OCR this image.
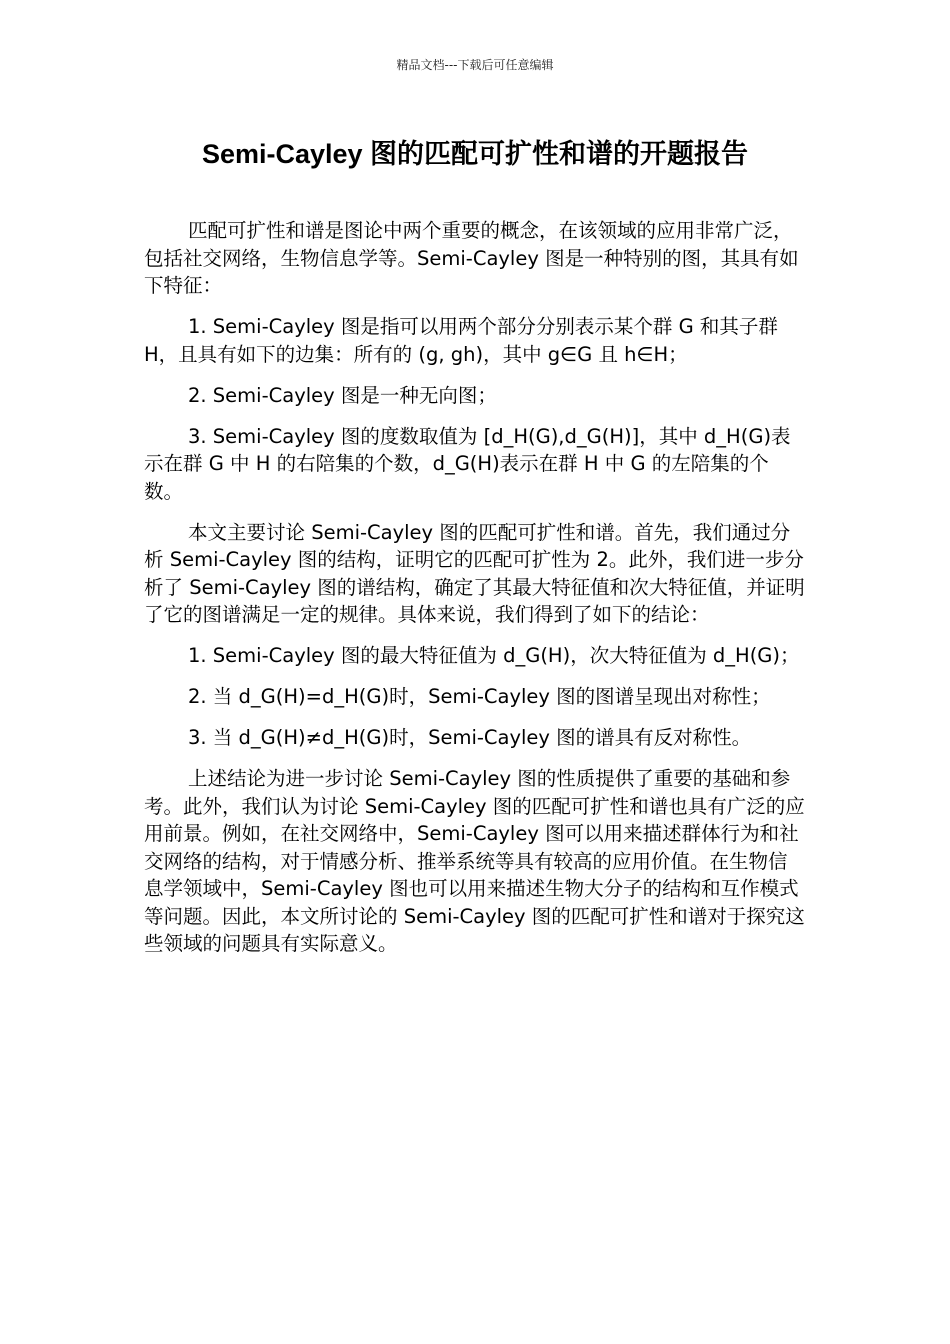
精品文档---下载后可任意编辑
Semi-Cayley 图的匹配可扩性和谱的开题报告

匹配可扩性和谱是图论中两个重要的概念，在该领域的应用非常广泛，包括社交网络，生物信息学等。Semi-Cayley 图是一种特别的图，其具有如下特征：

1. Semi-Cayley 图是指可以用两个部分分别表示某个群 G 和其子群 H，且具有如下的边集：所有的 (g, gh)，其中 g∈G 且 h∈H；

2. Semi-Cayley 图是一种无向图；

3. Semi-Cayley 图的度数取值为 [d_H(G),d_G(H)]，其中 d_H(G)表示在群 G 中 H 的右陪集的个数，d_G(H)表示在群 H 中 G 的左陪集的个数。

本文主要讨论 Semi-Cayley 图的匹配可扩性和谱。首先，我们通过分析 Semi-Cayley 图的结构，证明它的匹配可扩性为 2。此外，我们进一步分析了 Semi-Cayley 图的谱结构，确定了其最大特征值和次大特征值，并证明了它的图谱满足一定的规律。具体来说，我们得到了如下的结论：

1. Semi-Cayley 图的最大特征值为 d_G(H)，次大特征值为 d_H(G)；

2. 当 d_G(H)=d_H(G)时，Semi-Cayley 图的图谱呈现出对称性；

3. 当 d_G(H)≠d_H(G)时，Semi-Cayley 图的谱具有反对称性。

上述结论为进一步讨论 Semi-Cayley 图的性质提供了重要的基础和参考。此外，我们认为讨论 Semi-Cayley 图的匹配可扩性和谱也具有广泛的应用前景。例如，在社交网络中，Semi-Cayley 图可以用来描述群体行为和社交网络的结构，对于情感分析、推举系统等具有较高的应用价值。在生物信息学领域中，Semi-Cayley 图也可以用来描述生物大分子的结构和互作模式等问题。因此，本文所讨论的 Semi-Cayley 图的匹配可扩性和谱对于探究这些领域的问题具有实际意义。
